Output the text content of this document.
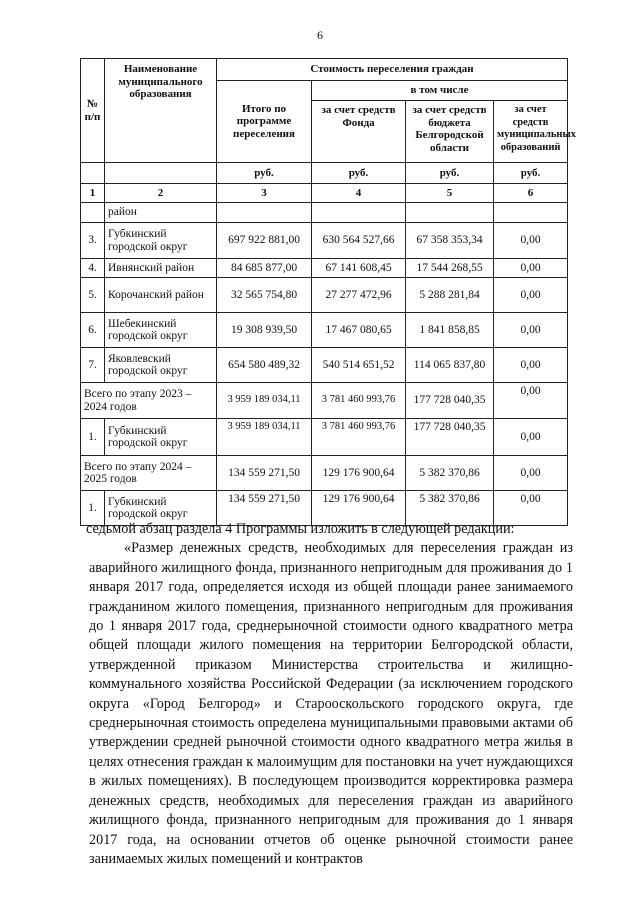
6
№ п/п	Наименование муниципального образования	Стоимость переселения граждан			
		Итого по программе переселения	в том числе		
			за счет средств Фонда	за счет средств бюджета Белгородской области	за счет средств муниципальных образований
		руб.	руб.	руб.	руб.
1	2	3	4	5	6
	район				
3.	Губкинский городской округ	697 922 881,00	630 564 527,66	67 358 353,34	0,00
4.	Ивнянский район	84 685 877,00	67 141 608,45	17 544 268,55	0,00
5.	Корочанский район	32 565 754,80	27 277 472,96	5 288 281,84	0,00
6.	Шебекинский городской округ	19 308 939,50	17 467 080,65	1 841 858,85	0,00
7.	Яковлевский городской округ	654 580 489,32	540 514 651,52	114 065 837,80	0,00
Всего по этапу 2023 – 2024 годов		3 959 189 034,11	3 781 460 993,76	177 728 040,35	0,00
1.	Губкинский городской округ	3 959 189 034,11	3 781 460 993,76	177 728 040,35	0,00
Всего по этапу 2024 – 2025 годов		134 559 271,50	129 176 900,64	5 382 370,86	0,00
1.	Губкинский городской округ	134 559 271,50	129 176 900,64	5 382 370,86	0,00

седьмой абзац раздела 4 Программы изложить в следующей редакции:

«Размер денежных средств, необходимых для переселения граждан из аварийного жилищного фонда, признанного непригодным для проживания до 1 января 2017 года, определяется исходя из общей площади ранее занимаемого гражданином жилого помещения, признанного непригодным для проживания до 1 января 2017 года, среднерыночной стоимости одного квадратного метра общей площади жилого помещения на территории Белгородской области, утвержденной приказом Министерства строительства и жилищно-коммунального хозяйства Российской Федерации (за исключением городского округа «Город Белгород» и Старооскольского городского округа, где среднерыночная стоимость определена муниципальными правовыми актами об утверждении средней рыночной стоимости одного квадратного метра жилья в целях отнесения граждан к малоимущим для постановки на учет нуждающихся в жилых помещениях). В последующем производится корректировка размера денежных средств, необходимых для переселения граждан из аварийного жилищного фонда, признанного непригодным для проживания до 1 января 2017 года, на основании отчетов об оценке рыночной стоимости ранее занимаемых жилых помещений и контрактов
